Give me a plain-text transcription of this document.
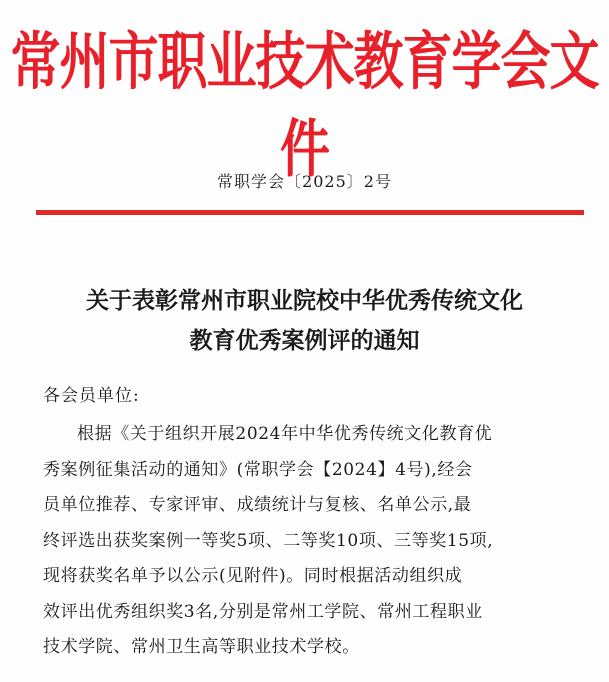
常州市职业技术教育学会文件
常职学会〔2025〕2号
关于表彰常州市职业院校中华优秀传统文化
教育优秀案例评的通知
各会员单位:
根据《关于组织开展2024年中华优秀传统文化教育优
秀案例征集活动的通知》(常职学会【2024】4号),经会
员单位推荐、专家评审、成绩统计与复核、名单公示,最
终评选出获奖案例一等奖5项、二等奖10项、三等奖15项,
现将获奖名单予以公示(见附件)。同时根据活动组织成
效评出优秀组织奖3名,分别是常州工学院、常州工程职业
技术学院、常州卫生高等职业技术学校。
